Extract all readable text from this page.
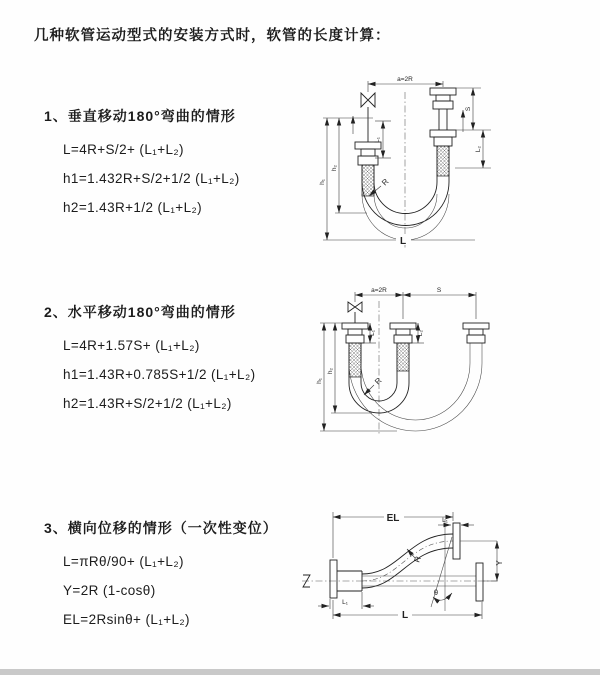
几种软管运动型式的安装方式时，软管的长度计算：
1、垂直移动180°弯曲的情形
L=4R+S/2+ (L₁+L₂)
h1=1.432R+S/2+1/2 (L₁+L₂)
h2=1.43R+1/2 (L₁+L₂)
2、水平移动180°弯曲的情形
L=4R+1.57S+ (L₁+L₂)
h1=1.43R+0.785S+1/2 (L₁+L₂)
h2=1.43R+S/2+1/2 (L₁+L₂)
3、横向位移的情形（一次性变位）
L=πRθ/90+ (L₁+L₂)
Y=2R (1-cosθ)
EL=2Rsinθ+ (L₁+L₂)
a=2R
S
L₂
L₁
h₁
h₂
R
L
a=2R	S
h₁
h₂
L₁	L₂
R
EL	L₁
Y
R
θ
L
L₁
